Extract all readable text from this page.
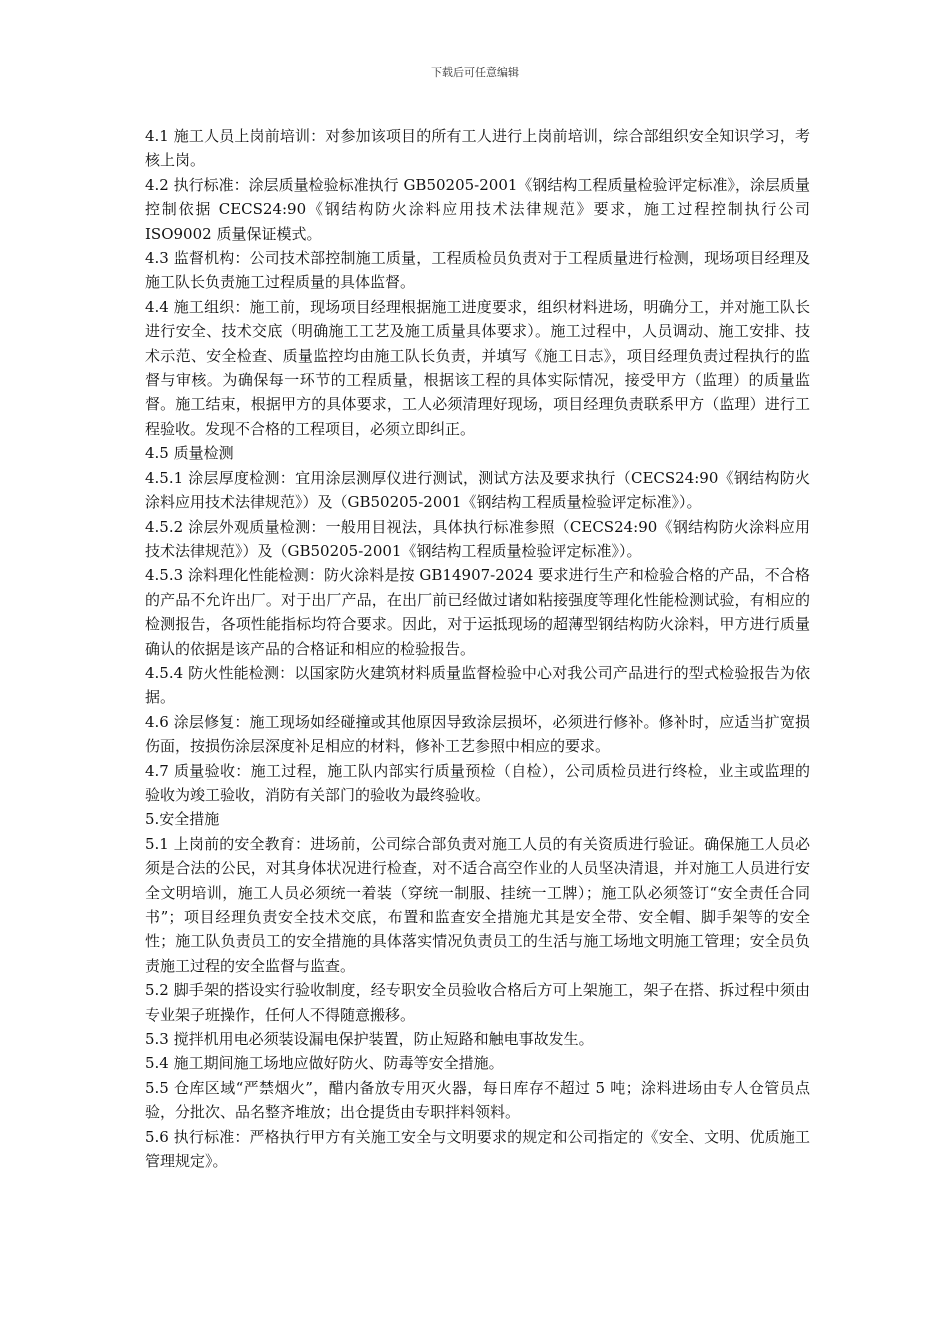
下载后可任意编辑

4.1 施工人员上岗前培训：对参加该项目的所有工人进行上岗前培训，综合部组织安全知识学习，考核上岗。

4.2 执行标准：涂层质量检验标准执行 GB50205-2001《钢结构工程质量检验评定标准》，涂层质量控制依据 CECS24:90《钢结构防火涂料应用技术法律规范》要求，施工过程控制执行公司 ISO9002 质量保证模式。

4.3 监督机构：公司技术部控制施工质量，工程质检员负责对于工程质量进行检测，现场项目经理及施工队长负责施工过程质量的具体监督。

4.4 施工组织：施工前，现场项目经理根据施工进度要求，组织材料进场，明确分工，并对施工队长进行安全、技术交底（明确施工工艺及施工质量具体要求）。施工过程中，人员调动、施工安排、技术示范、安全检查、质量监控均由施工队长负责，并填写《施工日志》，项目经理负责过程执行的监督与审核。为确保每一环节的工程质量，根据该工程的具体实际情况，接受甲方（监理）的质量监督。施工结束，根据甲方的具体要求，工人必须清理好现场，项目经理负责联系甲方（监理）进行工程验收。发现不合格的工程项目，必须立即纠正。

4.5 质量检测

4.5.1 涂层厚度检测：宜用涂层测厚仪进行测试，测试方法及要求执行（CECS24:90《钢结构防火涂料应用技术法律规范》）及（GB50205-2001《钢结构工程质量检验评定标准》）。

4.5.2 涂层外观质量检测：一般用目视法，具体执行标准参照（CECS24:90《钢结构防火涂料应用技术法律规范》）及（GB50205-2001《钢结构工程质量检验评定标准》）。

4.5.3 涂料理化性能检测：防火涂料是按 GB14907-2024 要求进行生产和检验合格的产品，不合格的产品不允许出厂。对于出厂产品，在出厂前已经做过诸如粘接强度等理化性能检测试验，有相应的检测报告，各项性能指标均符合要求。因此，对于运抵现场的超薄型钢结构防火涂料，甲方进行质量确认的依据是该产品的合格证和相应的检验报告。

4.5.4 防火性能检测：以国家防火建筑材料质量监督检验中心对我公司产品进行的型式检验报告为依据。

4.6 涂层修复：施工现场如经碰撞或其他原因导致涂层损坏，必须进行修补。修补时，应适当扩宽损伤面，按损伤涂层深度补足相应的材料，修补工艺参照中相应的要求。

4.7 质量验收：施工过程，施工队内部实行质量预检（自检），公司质检员进行终检，业主或监理的验收为竣工验收，消防有关部门的验收为最终验收。

5.安全措施

5.1 上岗前的安全教育：进场前，公司综合部负责对施工人员的有关资质进行验证。确保施工人员必须是合法的公民，对其身体状况进行检查，对不适合高空作业的人员坚决清退，并对施工人员进行安全文明培训，施工人员必须统一着装（穿统一制服、挂统一工牌）；施工队必须签订“安全责任合同书”；项目经理负责安全技术交底，布置和监查安全措施尤其是安全带、安全帽、脚手架等的安全性；施工队负责员工的安全措施的具体落实情况负责员工的生活与施工场地文明施工管理；安全员负责施工过程的安全监督与监查。

5.2 脚手架的搭设实行验收制度，经专职安全员验收合格后方可上架施工，架子在搭、拆过程中须由专业架子班操作，任何人不得随意搬移。

5.3 搅拌机用电必须装设漏电保护装置，防止短路和触电事故发生。

5.4 施工期间施工场地应做好防火、防毒等安全措施。

5.5 仓库区域“严禁烟火”，醋内备放专用灭火器，每日库存不超过 5 吨；涂料进场由专人仓管员点验，分批次、品名整齐堆放；出仓提货由专职拌料领料。

5.6 执行标准：严格执行甲方有关施工安全与文明要求的规定和公司指定的《安全、文明、优质施工管理规定》。
